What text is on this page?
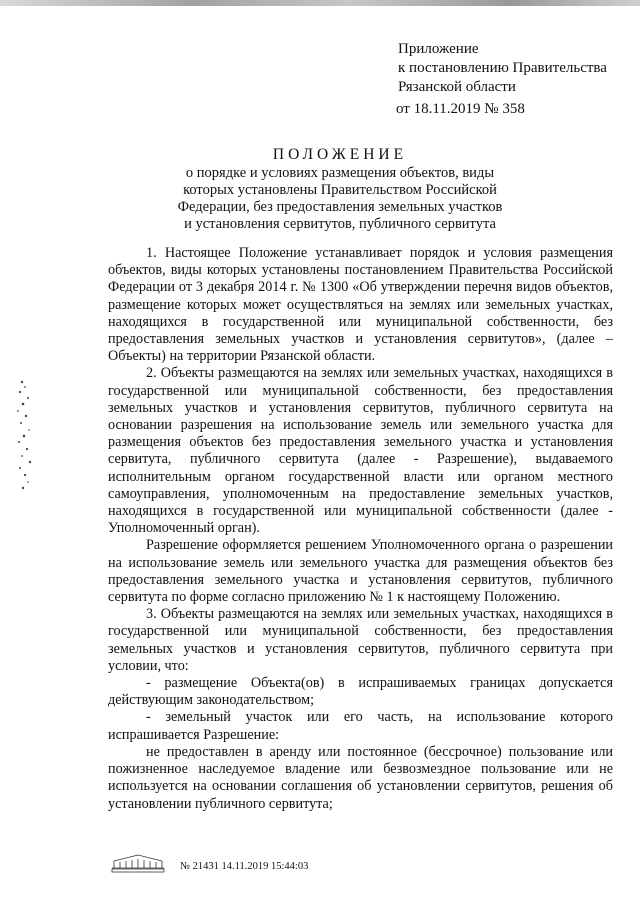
Приложение
к постановлению Правительства
Рязанской области
от 18.11.2019 № 358
ПОЛОЖЕНИЕ
о порядке и условиях размещения объектов, виды
которых установлены Правительством Российской
Федерации, без предоставления земельных участков
и установления сервитутов, публичного сервитута

1. Настоящее Положение устанавливает порядок и условия размещения объектов, виды которых установлены постановлением Правительства Российской Федерации от 3 декабря 2014 г. № 1300 «Об утверждении перечня видов объектов, размещение которых может осуществляться на землях или земельных участках, находящихся в государственной или муниципальной собственности, без предоставления земельных участков и установления сервитутов», (далее – Объекты) на территории Рязанской области.

2. Объекты размещаются на землях или земельных участках, находящихся в государственной или муниципальной собственности, без предоставления земельных участков и установления сервитутов, публичного сервитута на основании разрешения на использование земель или земельного участка для размещения объектов без предоставления земельного участка и установления сервитута, публичного сервитута (далее - Разрешение), выдаваемого исполнительным органом государственной власти или органом местного самоуправления, уполномоченным на предоставление земельных участков, находящихся в государственной или муниципальной собственности (далее - Уполномоченный орган).

Разрешение оформляется решением Уполномоченного органа о разрешении на использование земель или земельного участка для размещения объектов без предоставления земельного участка и установления сервитутов, публичного сервитута по форме согласно приложению № 1 к настоящему Положению.

3. Объекты размещаются на землях или земельных участках, находящихся в государственной или муниципальной собственности, без предоставления земельных участков и установления сервитутов, публичного сервитута при условии, что:

- размещение Объекта(ов) в испрашиваемых границах допускается действующим законодательством;

- земельный участок или его часть, на использование которого испрашивается Разрешение:

не предоставлен в аренду или постоянное (бессрочное) пользование или пожизненное наследуемое владение или безвозмездное пользование или не используется на основании соглашения об установлении сервитутов, решения об установлении публичного сервитута;

№ 21431 14.11.2019 15:44:03
